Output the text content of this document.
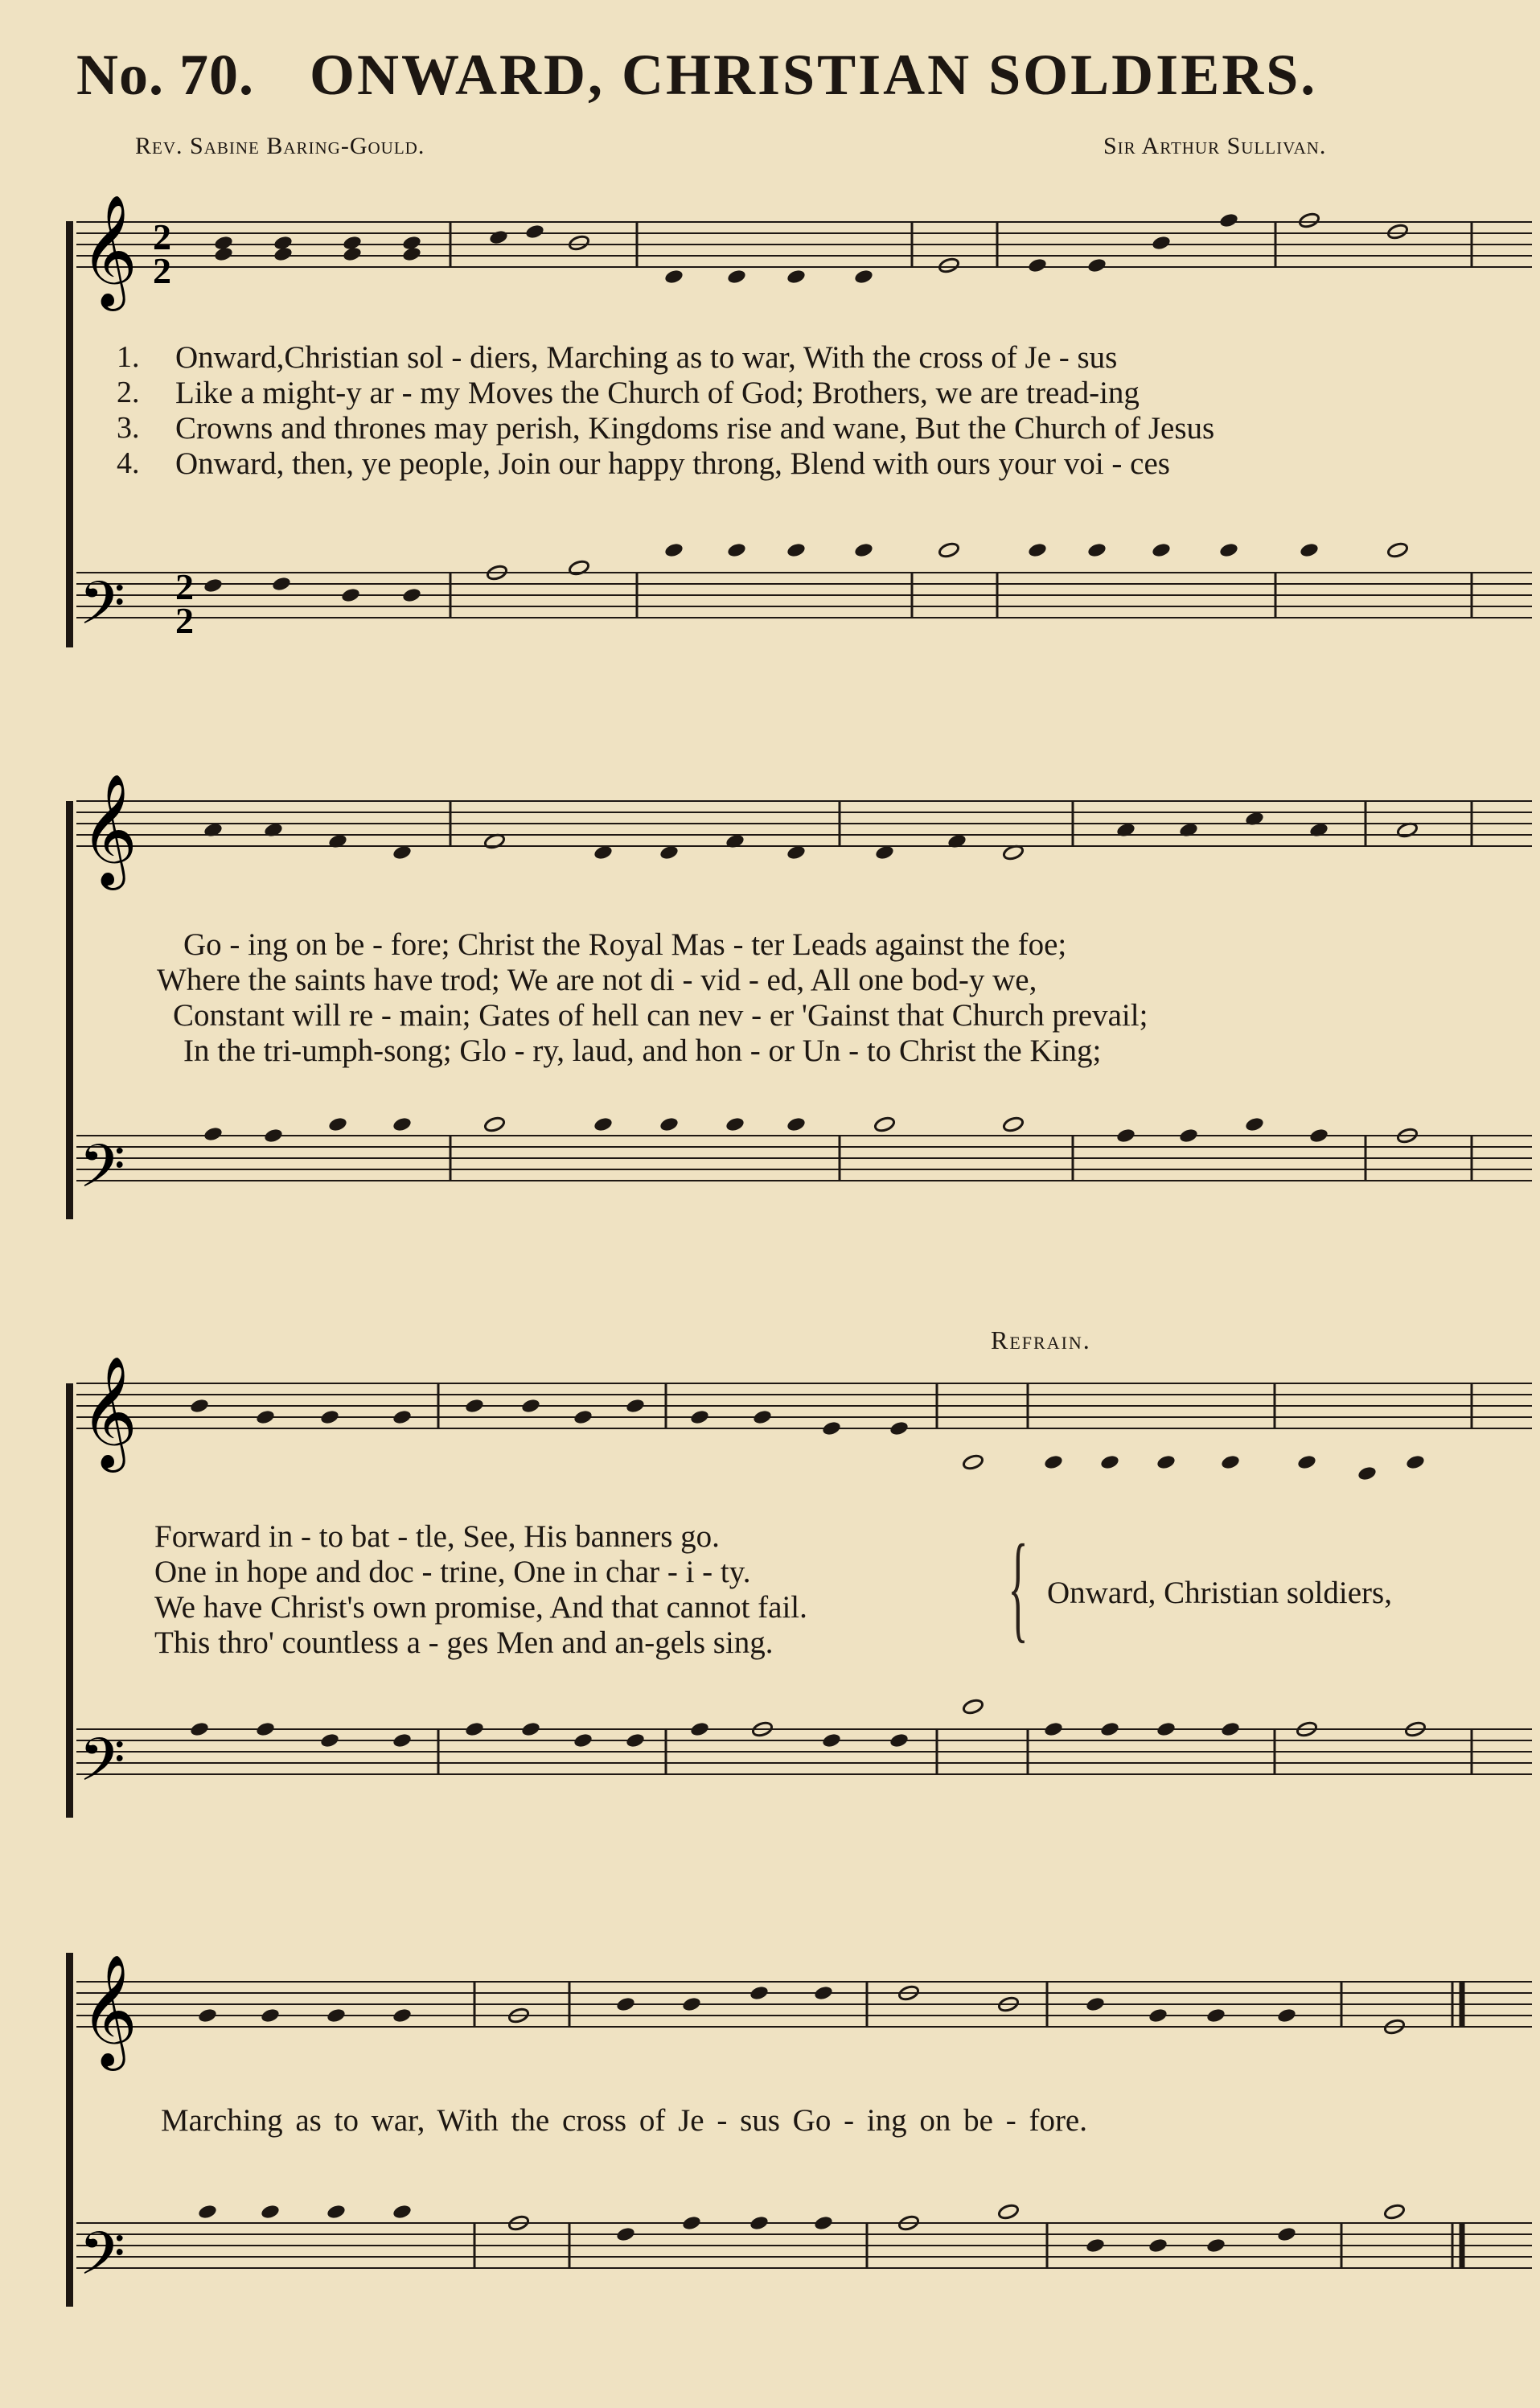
No. 70. ONWARD, CHRISTIAN SOLDIERS.
Rev. Sabine Baring-Gould.	Sir Arthur Sullivan.
𝄞
𝄢
2
2
2
2
𝄞
𝄢
𝄞
𝄢
𝄞
𝄢
1.
2.
3.
4.
Onward,Christian sol - diers, Marching as to war, With the cross of Je - sus
Like a might-y ar - my Moves the Church of God; Brothers, we are tread-ing
Crowns and thrones may perish, Kingdoms rise and wane, But the Church of Jesus
Onward, then, ye people, Join our happy throng, Blend with ours your voi - ces
Go - ing on be - fore; Christ the Royal Mas - ter Leads against the foe;
Where the saints have trod; We are not di - vid - ed, All one bod-y we,
Constant will re - main; Gates of hell can nev - er 'Gainst that Church prevail;
In the tri-umph-song; Glo - ry, laud, and hon - or Un - to Christ the King;
Refrain.
Forward in - to bat - tle, See, His banners go.
One in hope and doc - trine, One in char - i - ty.
We have Christ's own promise, And that cannot fail.
This thro' countless a - ges Men and an-gels sing. { Onward, Christian soldiers,
Marching as to war, With the cross of Je - sus Go - ing on be - fore.
